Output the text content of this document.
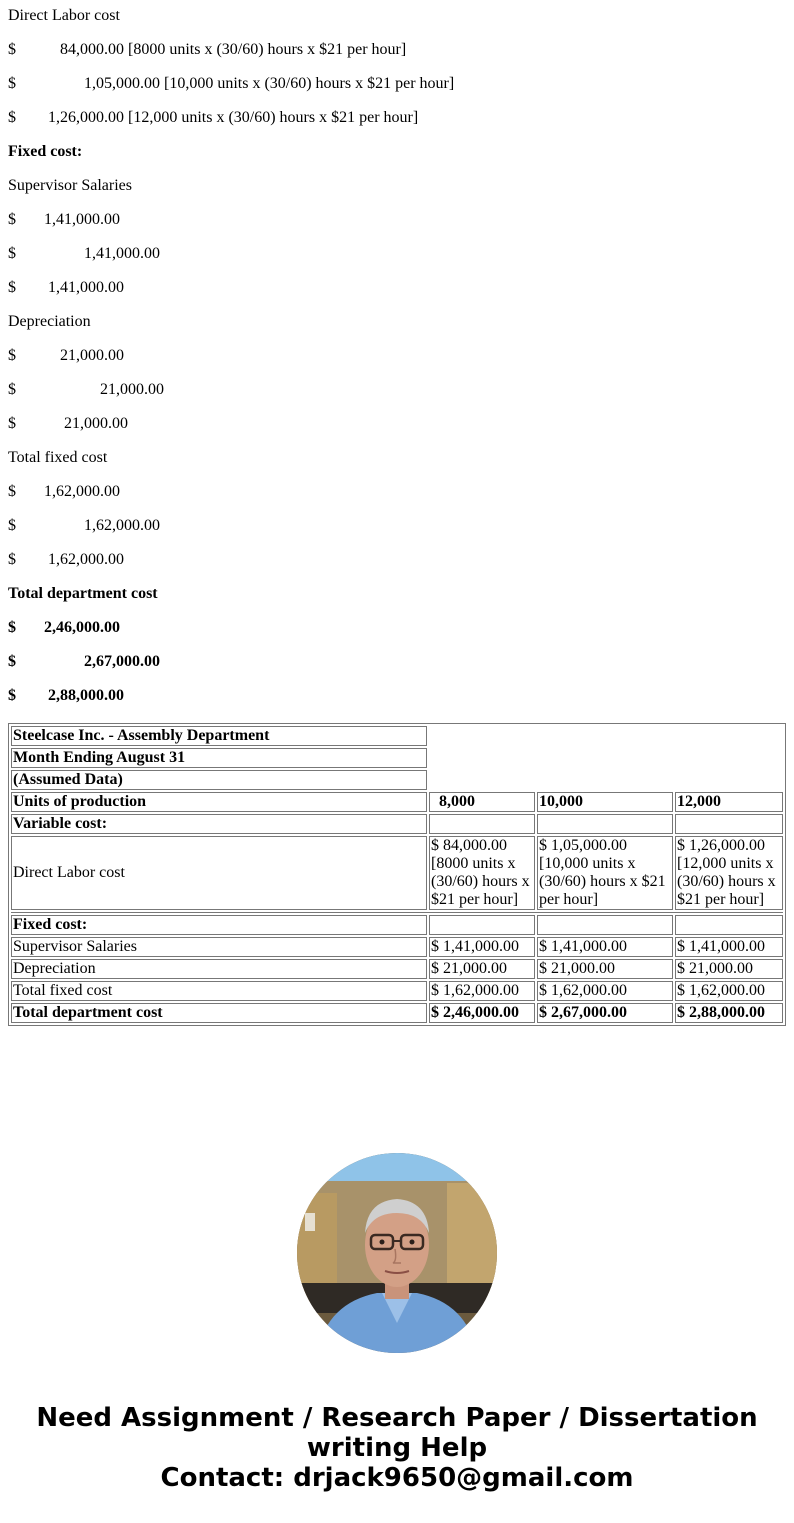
Direct Labor cost

$	84,000.00 [8000 units x (30/60) hours x $21 per hour]

$	1,05,000.00 [10,000 units x (30/60) hours x $21 per hour]

$ 1,26,000.00 [12,000 units x (30/60) hours x $21 per hour]

Fixed cost:

Supervisor Salaries

$ 1,41,000.00

$	1,41,000.00

$ 1,41,000.00

Depreciation

$	21,000.00

$	21,000.00

$	21,000.00

Total fixed cost

$ 1,62,000.00

$	1,62,000.00

$ 1,62,000.00

Total department cost

$ 2,46,000.00

$	2,67,000.00

$ 2,88,000.00

Steelcase Inc. - Assembly Department			
Month Ending August 31			
(Assumed Data)			
Units of production	8,000	10,000	12,000
Variable cost:			
Direct Labor cost	$ 84,000.00 [8000 units x (30/60) hours x $21 per hour]	$ 1,05,000.00 [10,000 units x (30/60) hours x $21 per hour]	$ 1,26,000.00 [12,000 units x (30/60) hours x $21 per hour]

Fixed cost:			
Supervisor Salaries	$ 1,41,000.00	$ 1,41,000.00	$ 1,41,000.00
Depreciation	$ 21,000.00	$ 21,000.00	$ 21,000.00
Total fixed cost	$ 1,62,000.00	$ 1,62,000.00	$ 1,62,000.00
Total department cost	$ 2,46,000.00	$ 2,67,000.00	$ 2,88,000.00
Need Assignment / Research Paper / Dissertation
writing Help
Contact: drjack9650@gmail.com
